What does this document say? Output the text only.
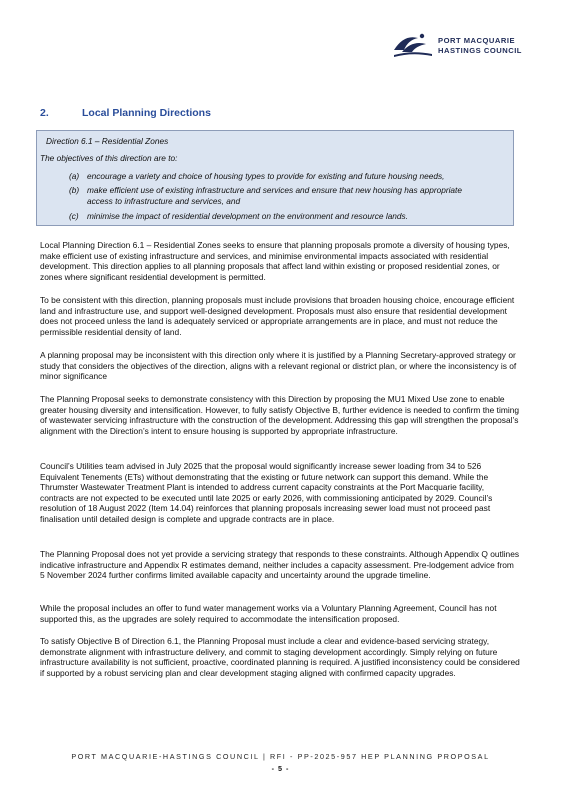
PORT MACQUARIE
HASTINGS COUNCIL
2.	Local Planning Directions
Direction 6.1 – Residential Zones
The objectives of this direction are to:
(a) encourage a variety and choice of housing types to provide for existing and future housing needs,
(b) make efficient use of existing infrastructure and services and ensure that new housing has appropriate access to infrastructure and services, and
(c) minimise the impact of residential development on the environment and resource lands.

Local Planning Direction 6.1 – Residential Zones seeks to ensure that planning proposals promote a diversity of housing types, make efficient use of existing infrastructure and services, and minimise environmental impacts associated with residential development. This direction applies to all planning proposals that affect land within existing or proposed residential zones, or zones where significant residential development is permitted.

To be consistent with this direction, planning proposals must include provisions that broaden housing choice, encourage efficient land and infrastructure use, and support well-designed development. Proposals must also ensure that residential development does not proceed unless the land is adequately serviced or appropriate arrangements are in place, and must not reduce the permissible residential density of land.

A planning proposal may be inconsistent with this direction only where it is justified by a Planning Secretary-approved strategy or study that considers the objectives of the direction, aligns with a relevant regional or district plan, or where the inconsistency is of minor significance

The Planning Proposal seeks to demonstrate consistency with this Direction by proposing the MU1 Mixed Use zone to enable greater housing diversity and intensification. However, to fully satisfy Objective B, further evidence is needed to confirm the timing of wastewater servicing infrastructure with the construction of the development. Addressing this gap will strengthen the proposal’s alignment with the Direction’s intent to ensure housing is supported by appropriate infrastructure.

Council’s Utilities team advised in July 2025 that the proposal would significantly increase sewer loading from 34 to 526 Equivalent Tenements (ETs) without demonstrating that the existing or future network can support this demand. While the Thrumster Wastewater Treatment Plant is intended to address current capacity constraints at the Port Macquarie facility, contracts are not expected to be executed until late 2025 or early 2026, with commissioning anticipated by 2029. Council’s resolution of 18 August 2022 (Item 14.04) reinforces that planning proposals increasing sewer load must not proceed past finalisation until detailed design is complete and upgrade contracts are in place.

The Planning Proposal does not yet provide a servicing strategy that responds to these constraints. Although Appendix Q outlines indicative infrastructure and Appendix R estimates demand, neither includes a capacity assessment. Pre-lodgement advice from 5 November 2024 further confirms limited available capacity and uncertainty around the upgrade timeline.

While the proposal includes an offer to fund water management works via a Voluntary Planning Agreement, Council has not supported this, as the upgrades are solely required to accommodate the intensification proposed.

To satisfy Objective B of Direction 6.1, the Planning Proposal must include a clear and evidence-based servicing strategy, demonstrate alignment with infrastructure delivery, and commit to staging development accordingly. Simply relying on future infrastructure availability is not sufficient, proactive, coordinated planning is required. A justified inconsistency could be considered if supported by a robust servicing plan and clear development staging aligned with confirmed capacity upgrades.

PORT MACQUARIE-HASTINGS COUNCIL | RFI - PP-2025-957 HEP PLANNING PROPOSAL
- 5 -
